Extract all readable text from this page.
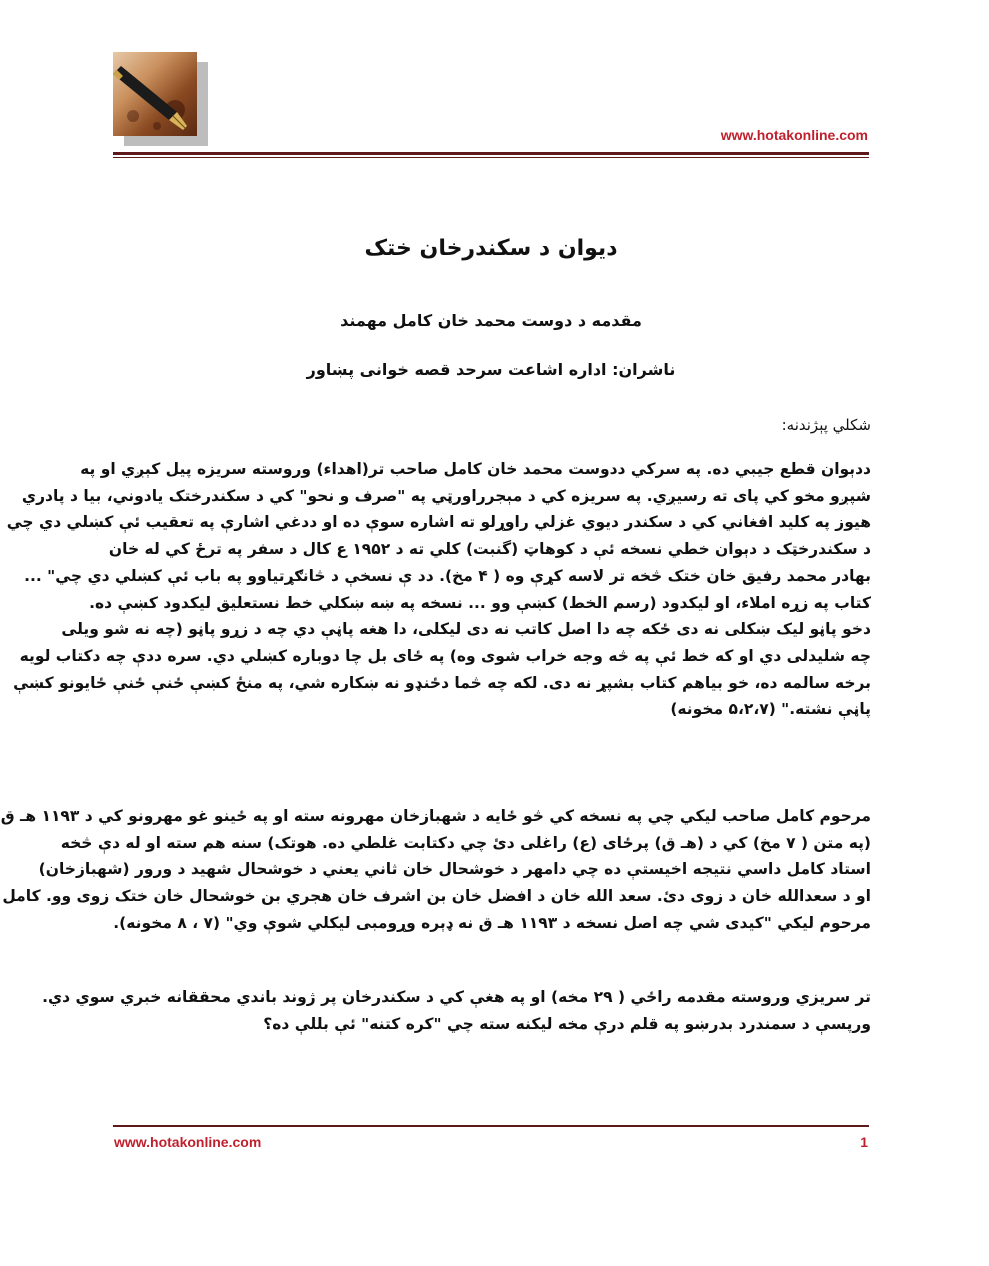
www.hotakonline.com
دیوان د سکندرخان ختک
مقدمه د دوست محمد خان کامل مهمند
ناشران: اداره اشاعت سرحد قصه خوانی پښاور
شکلي پېژندنه:
ددېوان قطع جیبي ده. په سرکي ددوست محمد خان کامل صاحب تر(اهداء) وروسته سریزه پیل کېږي او په
شپږو مخو کي پای ته رسیږي. په سریزه کي د مېجرراورټي په "صرف و نحو" کي د سکندرختک یادوني، بیا د پادري
هیوز په کلید افغاني کي د سکندر دیوي غزلي راوړلو ته اشاره سوې ده او ددغي اشارې په تعقیب ئې کښلي دي چي
د سکندرخټک د دېوان خطي نسخه ئې د کوهاټ (گنبت) کلي ته د ۱۹۵۲ ع کال د سفر په ترځ کي له خان
بهادر محمد رفیق خان ختک څخه تر لاسه کړې وه ( ۴ مخ). دد ې نسخې د څانګړتیاوو په باب ئې کښلي دي چي" ...
کتاب په زړه املاء، او لیکدود (رسم الخط) کښې وو ... نسخه په ښه ښکلي خط نستعلیق لیکدود کښې ده.
دخو پاڼو لیک ښکلی نه دی ځکه چه دا اصل کاتب نه دی لیکلی، دا هغه پاڼې دي چه د زړو پاڼو (چه نه شو ویلی
چه شلیدلی دي او که خط ئې په څه وجه خراب شوی وه) په ځای بل چا دوباره کښلي دي. سره ددې چه دکتاب لویه
برخه سالمه ده، خو بیاهم کتاب بشپړ نه دی. لکه چه څما دځنډو نه ښکاره شي، په منځ کښې ځنې ځنې ځایونو کښې
پاڼې نشته." (۵،۲،۷ مخونه)
مرحوم کامل صاحب لیکي چي په نسخه کي څو ځایه د شهبازخان مهرونه سته او په ځینو غو مهرونو کي د ۱۱۹۳ هـ ق
(په متن ( ۷ مخ) کي د (هـ ق) پرځای (ع) راغلی دئ چي دکتابت غلطي ده. هوتک) سنه هم سته او له دې څخه
استاد کامل داسي نتیجه اخیستې ده چي دامهر د خوشحال خان ثاني یعني د خوشحال شهید د ورور (شهبازخان)
او د سعدالله خان د زوی دئ. سعد الله خان د افضل خان بن اشرف خان هجري بن خوشحال خان ختک زوی وو. کامل
مرحوم لیکي "کیدی شي چه اصل نسخه د ۱۱۹۳ هـ ق نه ډېره وړومبی لیکلي شوې وي" (۷ ، ۸ مخونه).
تر سریزي وروسته مقدمه راځي ( ۲۹ مخه) او په هغې کي د سکندرخان پر ژوند باندي محققانه خبري سوي دي.
ورپسې د سمندرد بدرښو په قلم درې مخه لیکنه سته چي "کره کتنه" ئې بللې ده؟
www.hotakonline.com	1
